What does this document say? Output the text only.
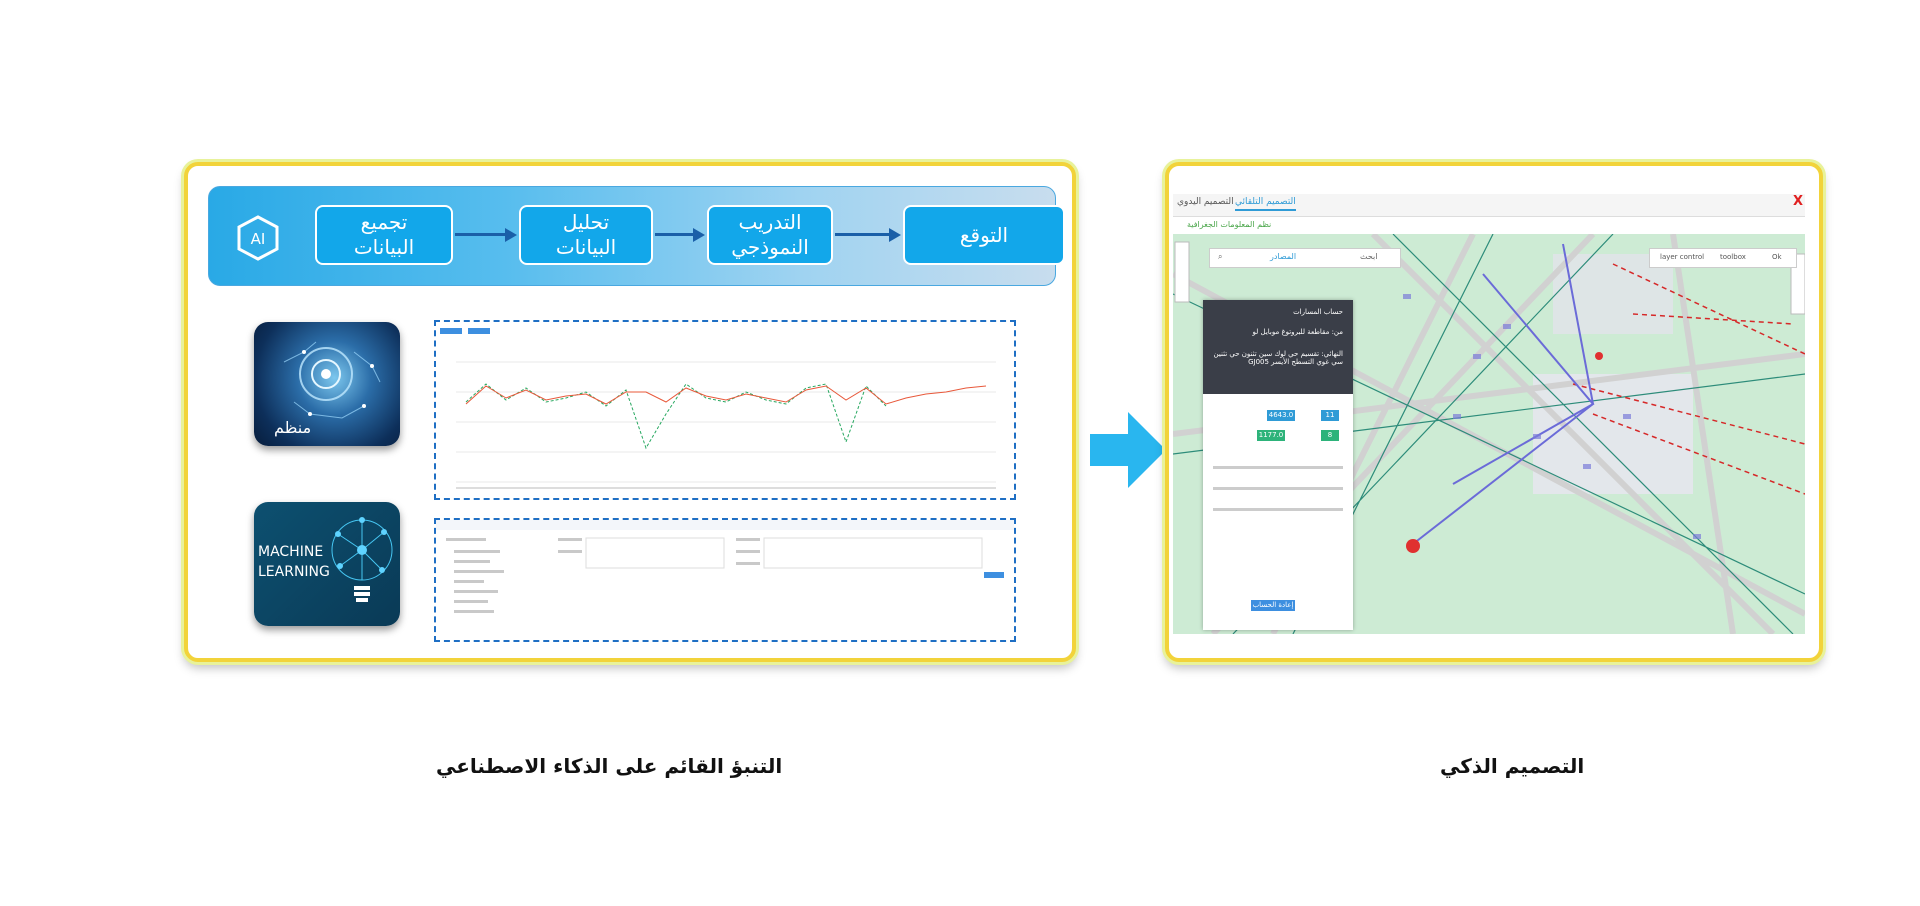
AI
تجميع
البيانات
تحليل
البيانات
التدريب
النموذجي
التوقع
منظم
MACHINE
LEARNING
التصميم اليدوي التصميم التلقائي	X
نظم المعلومات الجغرافية
⌕	المصادر	ابحث	layer control toolbox	Ok
حساب المسارات
من: مقاطعة للبروتوغ موبايل لو
النهائي: تقسيم حي لوك سين تثنون حي تثنين
سي غوي التسطح الأيسر GJ005
11
4643.0
8
1177.0
إعادة الحساب
التنبؤ القائم على الذكاء الاصطناعي	التصميم الذكي
